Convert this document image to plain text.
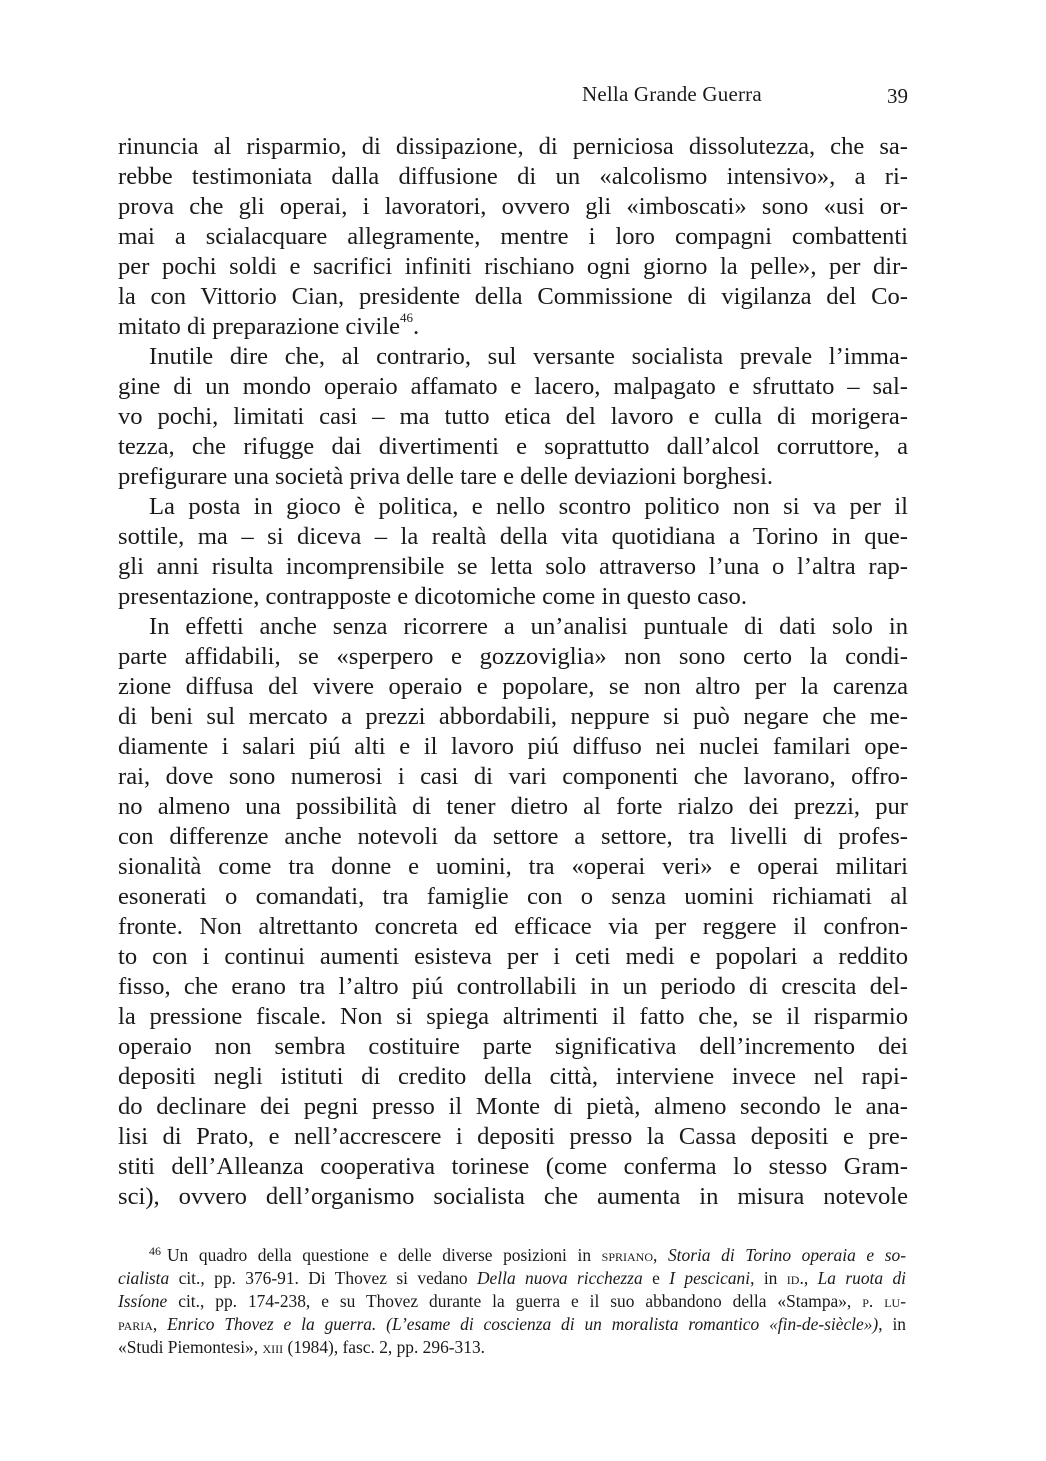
Nella Grande Guerra	39
rinuncia al risparmio, di dissipazione, di perniciosa dissolutezza, che sa-
rebbe testimoniata dalla diffusione di un «alcolismo intensivo», a ri-
prova che gli operai, i lavoratori, ovvero gli «imboscati» sono «usi or-
mai a scialacquare allegramente, mentre i loro compagni combattenti
per pochi soldi e sacrifici infiniti rischiano ogni giorno la pelle», per dir-
la con Vittorio Cian, presidente della Commissione di vigilanza del Co-
mitato di preparazione civile$^{46}$.
Inutile dire che, al contrario, sul versante socialista prevale l’imma-
gine di un mondo operaio affamato e lacero, malpagato e sfruttato – sal-
vo pochi, limitati casi – ma tutto etica del lavoro e culla di morigera-
tezza, che rifugge dai divertimenti e soprattutto dall’alcol corruttore, a
prefigurare una società priva delle tare e delle deviazioni borghesi.
La posta in gioco è politica, e nello scontro politico non si va per il
sottile, ma – si diceva – la realtà della vita quotidiana a Torino in que-
gli anni risulta incomprensibile se letta solo attraverso l’una o l’altra rap-
presentazione, contrapposte e dicotomiche come in questo caso.
In effetti anche senza ricorrere a un’analisi puntuale di dati solo in
parte affidabili, se «sperpero e gozzoviglia» non sono certo la condi-
zione diffusa del vivere operaio e popolare, se non altro per la carenza
di beni sul mercato a prezzi abbordabili, neppure si può negare che me-
diamente i salari piú alti e il lavoro piú diffuso nei nuclei familari ope-
rai, dove sono numerosi i casi di vari componenti che lavorano, offro-
no almeno una possibilità di tener dietro al forte rialzo dei prezzi, pur
con differenze anche notevoli da settore a settore, tra livelli di profes-
sionalità come tra donne e uomini, tra «operai veri» e operai militari
esonerati o comandati, tra famiglie con o senza uomini richiamati al
fronte. Non altrettanto concreta ed efficace via per reggere il confron-
to con i continui aumenti esisteva per i ceti medi e popolari a reddito
fisso, che erano tra l’altro piú controllabili in un periodo di crescita del-
la pressione fiscale. Non si spiega altrimenti il fatto che, se il risparmio
operaio non sembra costituire parte significativa dell’incremento dei
depositi negli istituti di credito della città, interviene invece nel rapi-
do declinare dei pegni presso il Monte di pietà, almeno secondo le ana-
lisi di Prato, e nell’accrescere i depositi presso la Cassa depositi e pre-
stiti dell’Alleanza cooperativa torinese (come conferma lo stesso Gram-
sci), ovvero dell’organismo socialista che aumenta in misura notevole
$^{46}$ Un quadro della questione e delle diverse posizioni in spriano, Storia di Torino operaia e so-
cialista cit., pp. 376-91. Di Thovez si vedano Della nuova ricchezza e I pescicani, in id., La ruota di
Issíone cit., pp. 174-238, e su Thovez durante la guerra e il suo abbandono della «Stampa», p. lu-
paria, Enrico Thovez e la guerra. (L’esame di coscienza di un moralista romantico «fin-de-siècle»), in
«Studi Piemontesi», xiii (1984), fasc. 2, pp. 296-313.
